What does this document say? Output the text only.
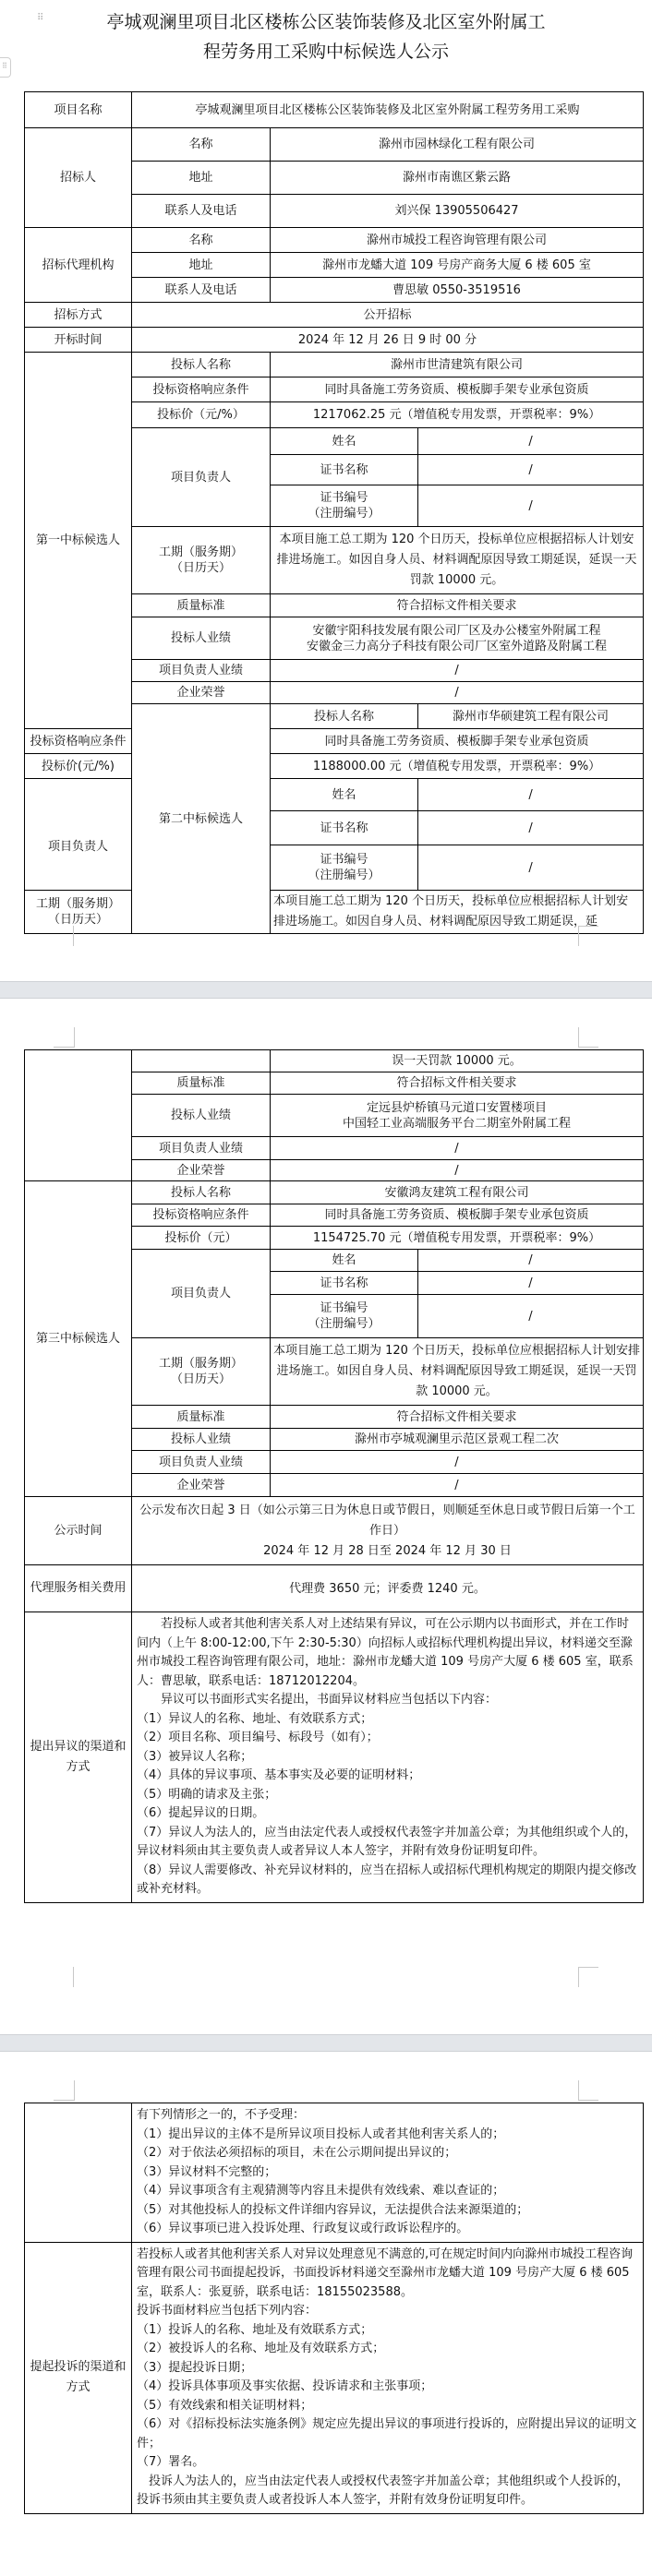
⠿
⠿
亭城观澜里项目北区楼栋公区装饰装修及北区室外附属工
程劳务用工采购中标候选人公示
项目名称	亭城观澜里项目北区楼栋公区装饰装修及北区室外附属工程劳务用工采购		
招标人	名称	滁州市园林绿化工程有限公司	
	地址	滁州市南谯区紫云路	
	联系人及电话	刘兴保 13905506427	
招标代理机构	名称	滁州市城投工程咨询管理有限公司	
	地址	滁州市龙蟠大道 109 号房产商务大厦 6 楼 605 室	
	联系人及电话	曹思敏 0550-3519516	
招标方式	公开招标		
开标时间	2024 年 12 月 26 日 9 时 00 分		
第一中标候选人	投标人名称	滁州市世清建筑有限公司	
	投标资格响应条件	同时具备施工劳务资质、模板脚手架专业承包资质	
	投标价（元/%）	1217062.25 元（增值税专用发票，开票税率：9%）	
	项目负责人	姓名	/
		证书名称	/

		证书编号
（注册编号）	/

	工期（服务期）
（日历天）	本项目施工总工期为 120 个日历天，投标单位应根据招标人计划安排进场施工。如因自身人员、材料调配原因导致工期延误，延误一天罚款 10000 元。	
	质量标准	符合招标文件相关要求	
	投标人业绩	安徽宇阳科技发展有限公司厂区及办公楼室外附属工程
安徽金三力高分子科技有限公司厂区室外道路及附属工程	

	项目负责人业绩	/	
	企业荣誉	/	
	第二中标候选人	投标人名称	滁州市华硕建筑工程有限公司
投标资格响应条件		同时具备施工劳务资质、模板脚手架专业承包资质	
投标价(元/%)		1188000.00 元（增值税专用发票，开票税率：9%）	
项目负责人		姓名	/
		证书名称	/

		证书编号
（注册编号）	/

工期（服务期）
（日历天）		本项目施工总工期为 120 个日历天，投标单位应根据招标人计划安排进场施工。如因自身人员、材料调配原因导致工期延误，延	
		误一天罚款 10000 元。	
	质量标准	符合招标文件相关要求	
	投标人业绩	定远县炉桥镇马元道口安置楼项目
中国轻工业高端服务平台二期室外附属工程	

	项目负责人业绩	/	
	企业荣誉	/	
第三中标候选人	投标人名称	安徽鸿友建筑工程有限公司	
	投标资格响应条件	同时具备施工劳务资质、模板脚手架专业承包资质	
	投标价（元）	1154725.70 元（增值税专用发票，开票税率：9%）	
	项目负责人	姓名	/
		证书名称	/

		证书编号
（注册编号）	/

	工期（服务期）
（日历天）	本项目施工总工期为 120 个日历天，投标单位应根据招标人计划安排进场施工。如因自身人员、材料调配原因导致工期延误，延误一天罚款 10000 元。	
	质量标准	符合招标文件相关要求	
	投标人业绩	滁州市亭城观澜里示范区景观工程二次	
	项目负责人业绩	/	
	企业荣誉	/	
公示时间	公示发布次日起 3 日（如公示第三日为休息日或节假日，则顺延至休息日或节假日后第一个工作日）
2024 年 12 月 28 日至 2024 年 12 月 30 日		

代理服务相关费用	代理费 3650 元；评委费 1240 元。		
提出异议的渠道和方式	

若投标人或者其他利害关系人对上述结果有异议，可在公示期内以书面形式，并在工作时间内（上午 8:00-12:00,下午 2:30-5:30）向招标人或招标代理机构提出异议，材料递交至滁州市城投工程咨询管理有限公司，地址：滁州市龙蟠大道 109 号房产大厦 6 楼 605 室，联系人：曹思敏，联系电话：18712012204。

异议可以书面形式实名提出，书面异议材料应当包括以下内容：

（1）异议人的名称、地址、有效联系方式；

（2）项目名称、项目编号、标段号（如有）；

（3）被异议人名称；

（4）具体的异议事项、基本事实及必要的证明材料；

（5）明确的请求及主张；

（6）提起异议的日期。

（7）异议人为法人的，应当由法定代表人或授权代表签字并加盖公章；为其他组织或个人的，异议材料须由其主要负责人或者异议人本人签字，并附有效身份证明复印件。

（8）异议人需要修改、补充异议材料的，应当在招标人或招标代理机构规定的期限内提交修改或补充材料。

有下列情形之一的，不予受理：

（1）提出异议的主体不是所异议项目投标人或者其他利害关系人的；

（2）对于依法必须招标的项目，未在公示期间提出异议的；

（3）异议材料不完整的；

（4）异议事项含有主观猜测等内容且未提供有效线索、难以查证的；

（5）对其他投标人的投标文件详细内容异议，无法提供合法来源渠道的；

（6）异议事项已进入投诉处理、行政复议或行政诉讼程序的。

提起投诉的渠道和方式	

若投标人或者其他利害关系人对异议处理意见不满意的,可在规定时间内向滁州市城投工程咨询管理有限公司书面提起投诉，书面投诉材料递交至滁州市龙蟠大道 109 号房产大厦 6 楼 605 室，联系人：张夏骄，联系电话：18155023588。

投诉书面材料应当包括下列内容：

（1）投诉人的名称、地址及有效联系方式；

（2）被投诉人的名称、地址及有效联系方式；

（3）提起投诉日期；

（4）投诉具体事项及事实依据、投诉请求和主张事项；

（5）有效线索和相关证明材料；

（6）对《招标投标法实施条例》规定应先提出异议的事项进行投诉的，应附提出异议的证明文件；

（7）署名。

投诉人为法人的，应当由法定代表人或授权代表签字并加盖公章；其他组织或个人投诉的，投诉书须由其主要负责人或者投诉人本人签字，并附有效身份证明复印件。
